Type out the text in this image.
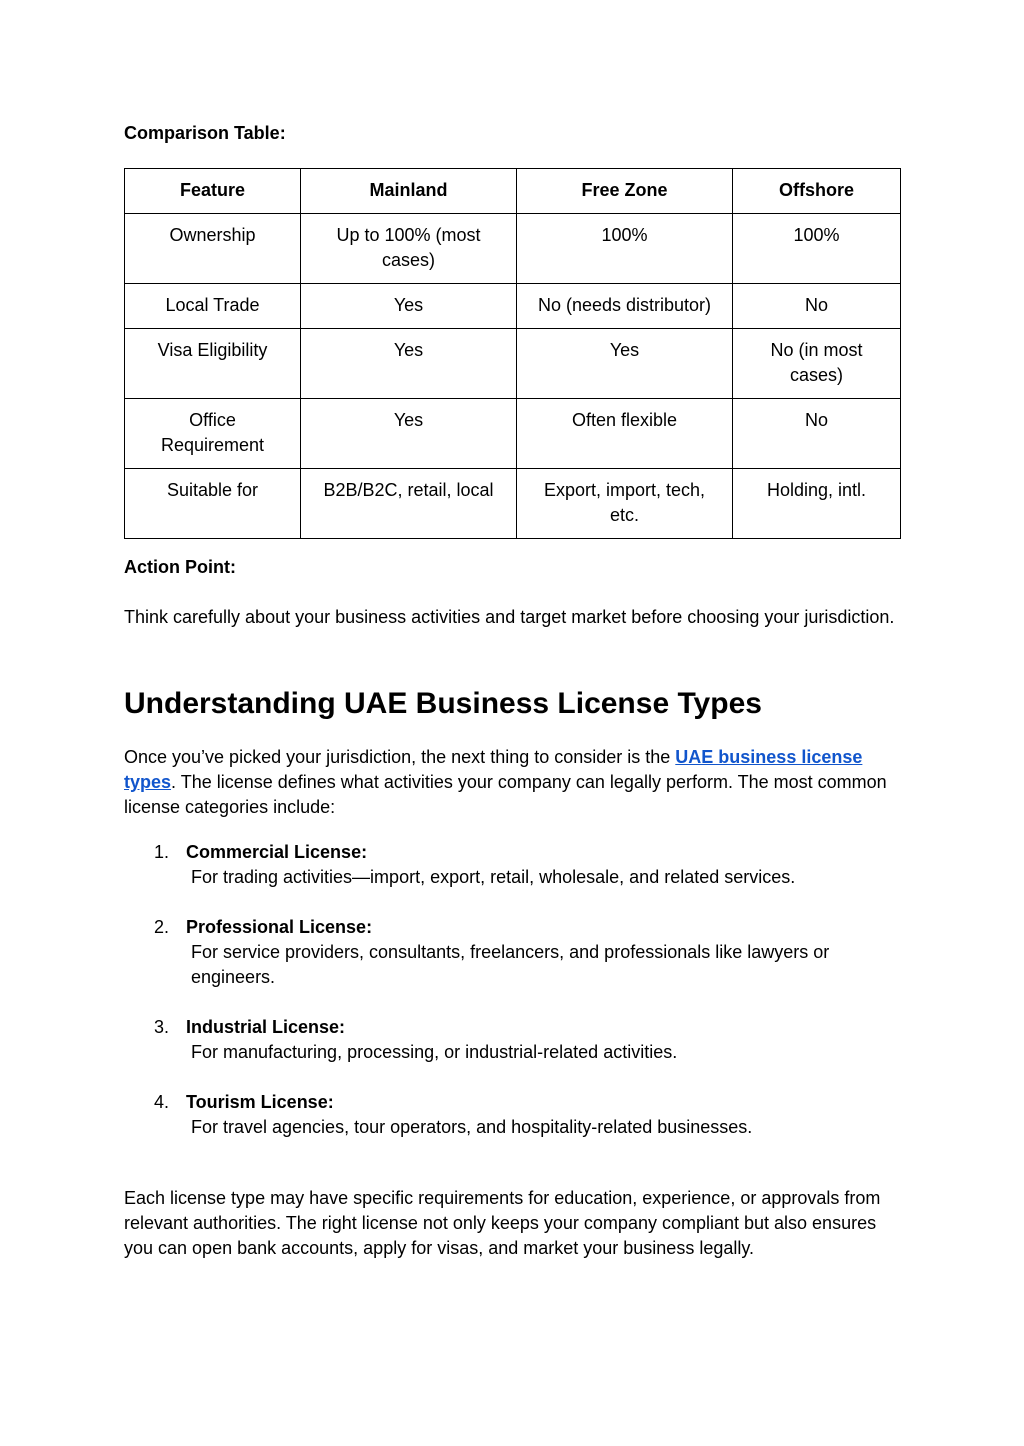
Comparison Table:

Feature	Mainland	Free Zone	Offshore
Ownership	Up to 100% (most cases)	100%	100%
Local Trade	Yes	No (needs distributor)	No
Visa Eligibility	Yes	Yes	No (in most cases)
Office Requirement	Yes	Often flexible	No
Suitable for	B2B/B2C, retail, local	Export, import, tech, etc.	Holding, intl.

Action Point:

Think carefully about your business activities and target market before choosing your jurisdiction.

Understanding UAE Business License Types

Once you’ve picked your jurisdiction, the next thing to consider is the UAE business license types. The license defines what activities your company can legally perform. The most common license categories include:

1. Commercial License:
For trading activities—import, export, retail, wholesale, and related services.
2. Professional License:
For service providers, consultants, freelancers, and professionals like lawyers or engineers.
3. Industrial License:
For manufacturing, processing, or industrial-related activities.
4. Tourism License:
For travel agencies, tour operators, and hospitality-related businesses.

Each license type may have specific requirements for education, experience, or approvals from relevant authorities. The right license not only keeps your company compliant but also ensures you can open bank accounts, apply for visas, and market your business legally.
